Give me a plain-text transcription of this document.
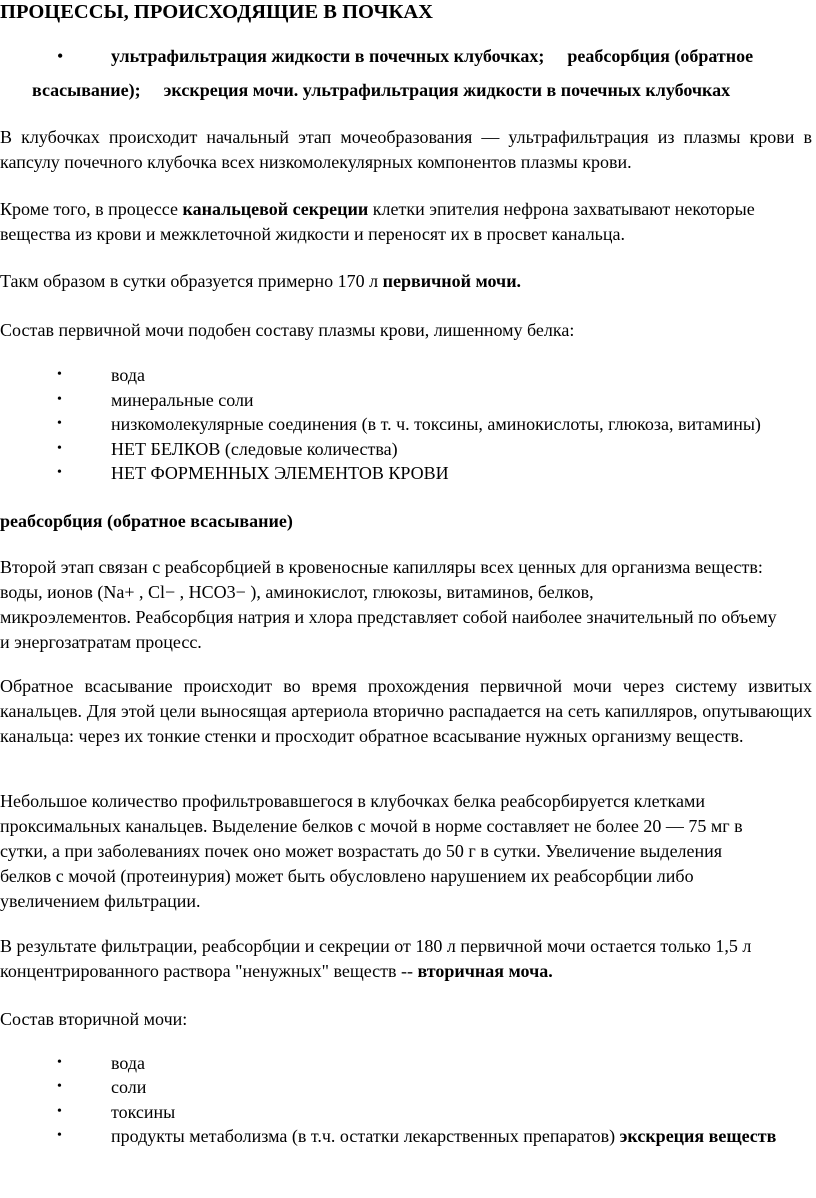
ПРОЦЕССЫ, ПРОИСХОДЯЩИЕ В ПОЧКАХ
•	ультрафильтрация жидкости в почечных клубочках; реабсорбция (обратное
всасывание); экскреция мочи. ультрафильтрация жидкости в почечных клубочках
В клубочках происходит начальный этап мочеобразования — ультрафильтрация из плазмы крови в капсулу почечного клубочка всех низкомолекулярных компонентов плазмы крови.
Кроме того, в процессе канальцевой секреции клетки эпителия нефрона захватывают некоторые вещества из крови и межклеточной жидкости и переносят их в просвет канальца.
Такм образом в сутки образуется примерно 170 л первичной мочи.
Состав первичной мочи подобен составу плазмы крови, лишенному белка:
•	вода
•	минеральные соли
•	низкомолекулярные соединения (в т. ч. токсины, аминокислоты, глюкоза, витамины)
•	НЕТ БЕЛКОВ (следовые количества)
•	НЕТ ФОРМЕННЫХ ЭЛЕМЕНТОВ КРОВИ
реабсорбция (обратное всасывание)
Второй этап связан с реабсорбцией в кровеносные капилляры всех ценных для организма веществ:
воды, ионов (Na+ , Cl− , HCO3− ), аминокислот, глюкозы, витаминов, белков,
микроэлементов. Реабсорбция натрия и хлора представляет собой наиболее значительный по объему
и энергозатратам процесс.
Обратное всасывание происходит во время прохождения первичной мочи через систему извитых канальцев. Для этой цели выносящая артериола вторично распадается на сеть капилляров, опутывающих канальца: через их тонкие стенки и просходит обратное всасывание нужных организму веществ.
Небольшое количество профильтровавшегося в клубочках белка реабсорбируется клетками
проксимальных канальцев. Выделение белков с мочой в норме составляет не более 20 — 75 мг в
сутки, а при заболеваниях почек оно может возрастать до 50 г в сутки. Увеличение выделения
белков с мочой (протеинурия) может быть обусловлено нарушением их реабсорбции либо
увеличением фильтрации.
В результате фильтрации, реабсорбции и секреции от 180 л первичной мочи остается только 1,5 л
концентрированного раствора "ненужных" веществ -- вторичная моча.
Состав вторичной мочи:
•	вода
•	соли
•	токсины
•	продукты метаболизма (в т.ч. остатки лекарственных препаратов) экскреция веществ
